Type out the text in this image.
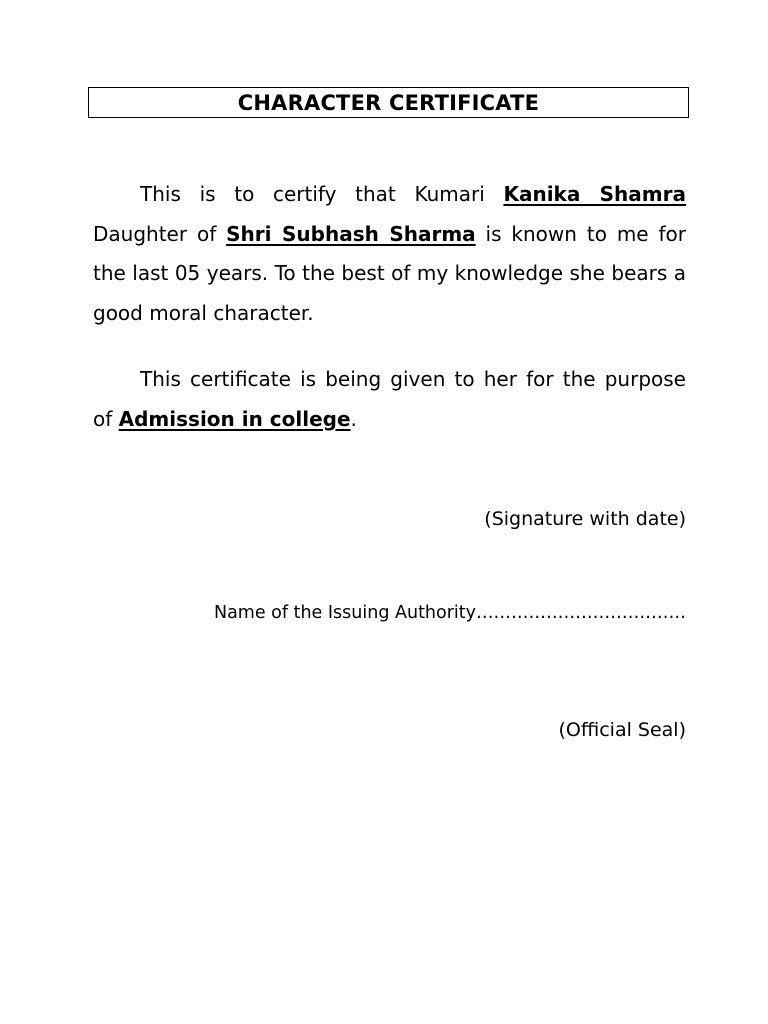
CHARACTER CERTIFICATE

This is to certify that Kumari Kanika Shamra Daughter of Shri Subhash Sharma is known to me for the last 05 years. To the best of my knowledge she bears a good moral character.

This certificate is being given to her for the purpose of Admission in college.

(Signature with date)
Name of the Issuing Authority………………………………
(Official Seal)
